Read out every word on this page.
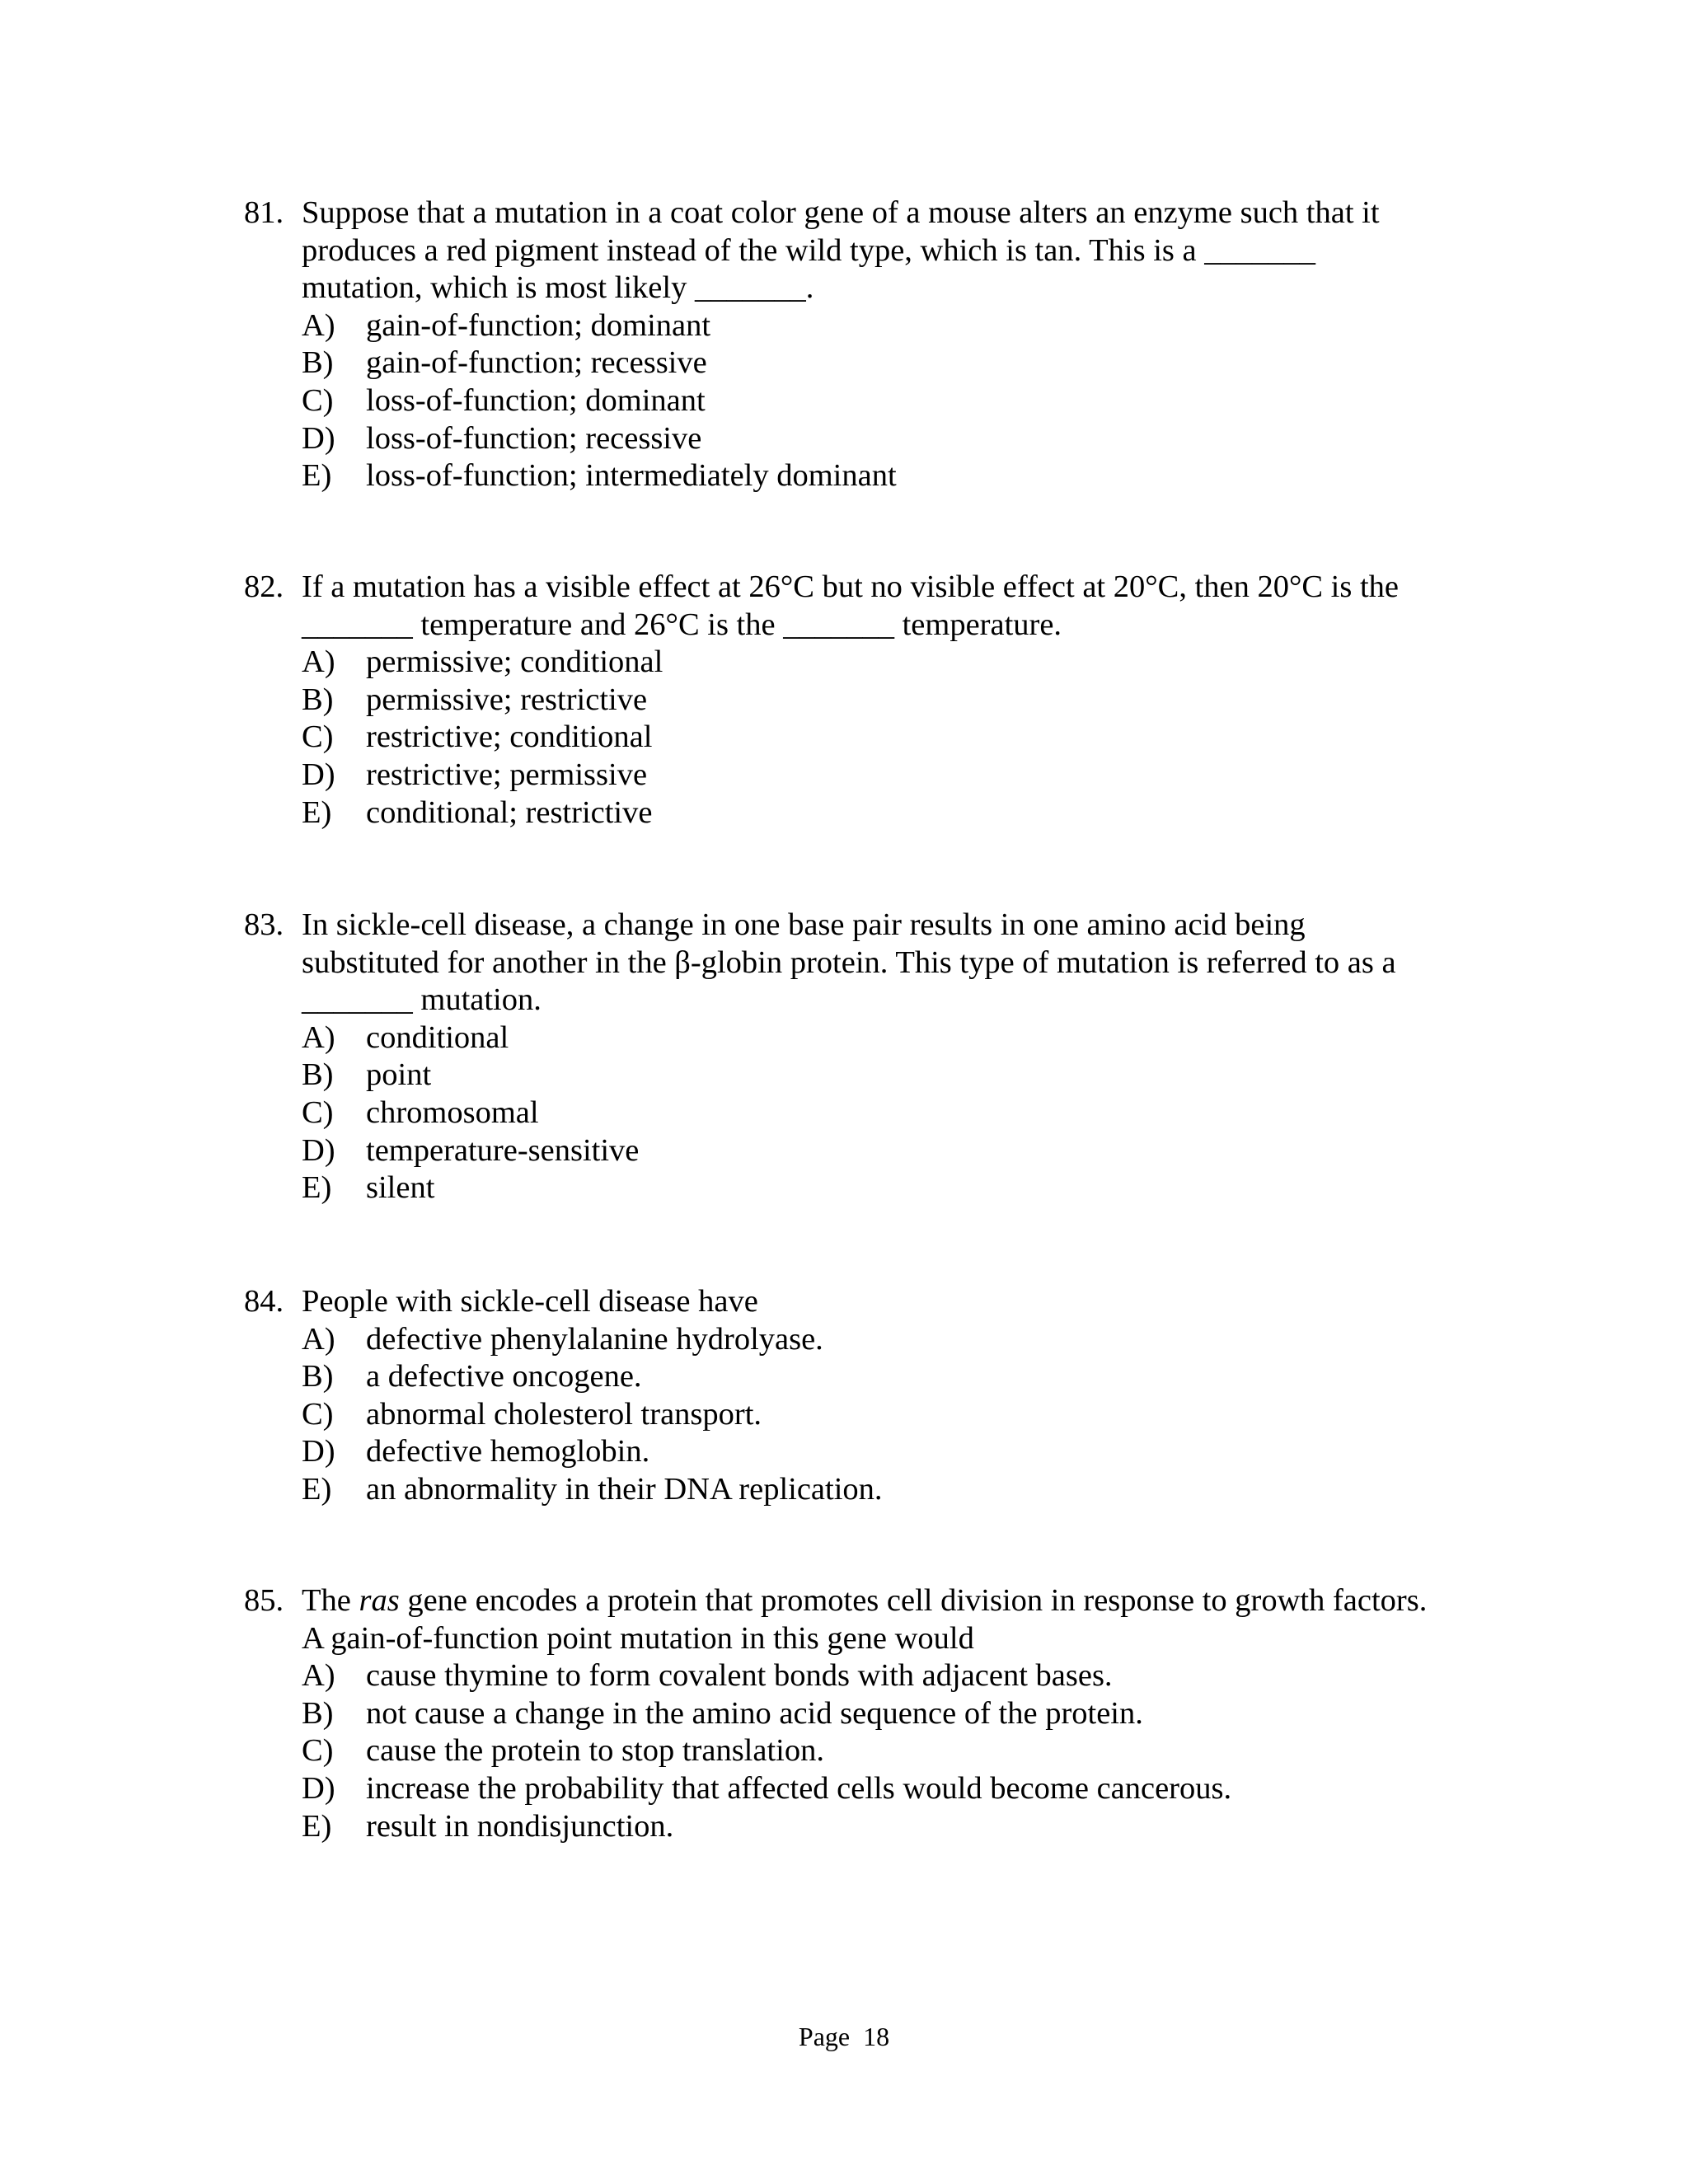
81. Suppose that a mutation in a coat color gene of a mouse alters an enzyme such that it
produces a red pigment instead of the wild type, which is tan. This is a _______
mutation, which is most likely _______.
A) gain-of-function; dominant
B)	gain-of-function; recessive
C)	loss-of-function; dominant
D) loss-of-function; recessive
E)	loss-of-function; intermediately dominant
82. If a mutation has a visible effect at 26°C but no visible effect at 20°C, then 20°C is the
_______ temperature and 26°C is the _______ temperature.
A) permissive; conditional
B)	permissive; restrictive
C)	restrictive; conditional
D) restrictive; permissive
E)	conditional; restrictive
83. In sickle-cell disease, a change in one base pair results in one amino acid being
substituted for another in the β-globin protein. This type of mutation is referred to as a
_______ mutation.
A) conditional
B)	point
C)	chromosomal
D) temperature-sensitive
E)	silent
84. People with sickle-cell disease have
A) defective phenylalanine hydrolyase.
B)	a defective oncogene.
C)	abnormal cholesterol transport.
D) defective hemoglobin.
E)	an abnormality in their DNA replication.
85. The ras gene encodes a protein that promotes cell division in response to growth factors.
A gain-of-function point mutation in this gene would
A) cause thymine to form covalent bonds with adjacent bases.
B)	not cause a change in the amino acid sequence of the protein.
C)	cause the protein to stop translation.
D) increase the probability that affected cells would become cancerous.
E)	result in nondisjunction.
Page  18
